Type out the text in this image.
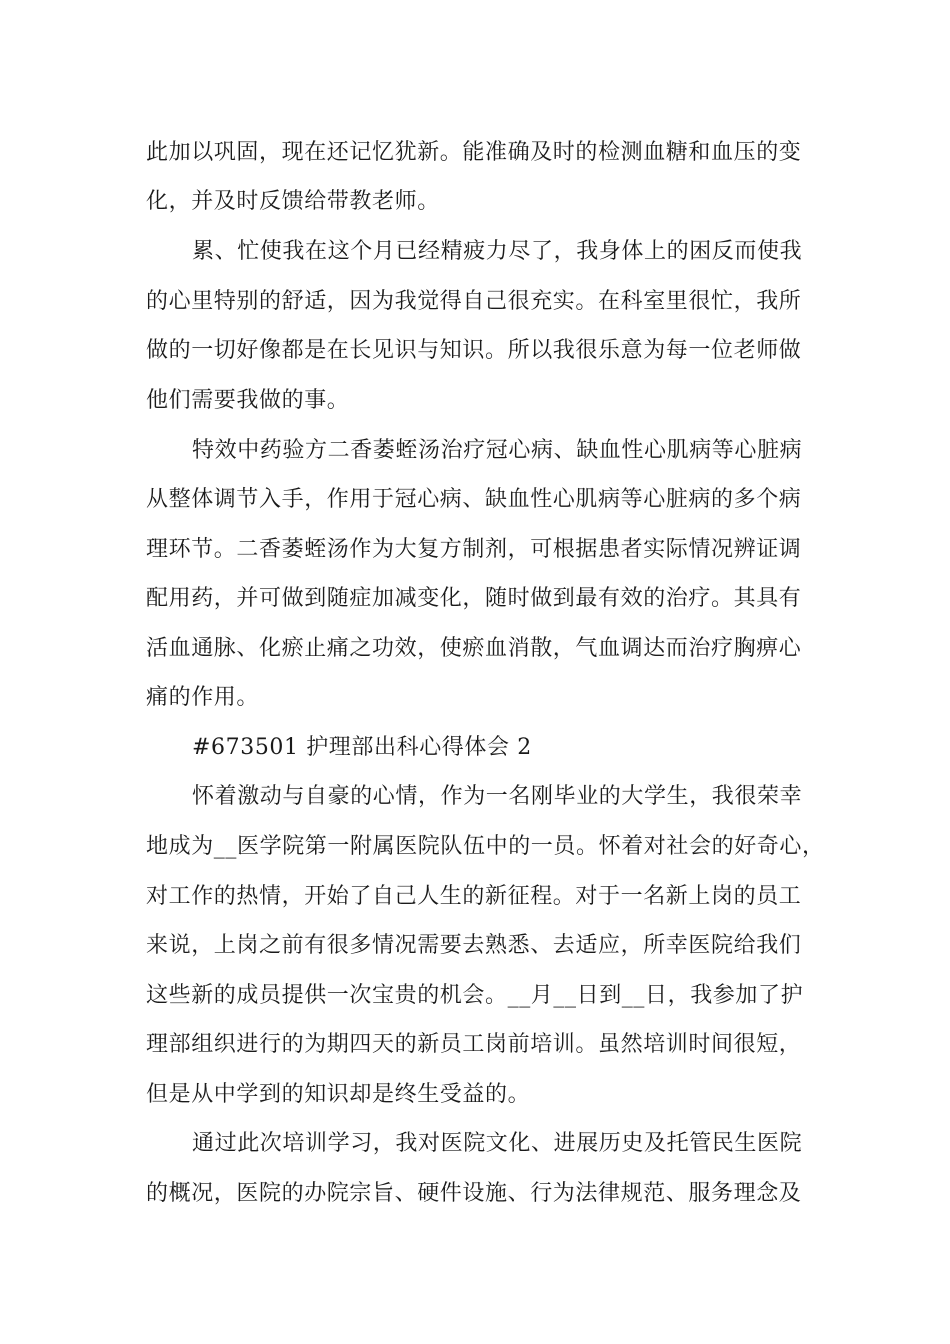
此加以巩固，现在还记忆犹新。能准确及时的检测血糖和血压的变
化，并及时反馈给带教老师。
累、忙使我在这个月已经精疲力尽了，我身体上的困反而使我
的心里特别的舒适，因为我觉得自己很充实。在科室里很忙，我所
做的一切好像都是在长见识与知识。所以我很乐意为每一位老师做
他们需要我做的事。
特效中药验方二香萎蛭汤治疗冠心病、缺血性心肌病等心脏病
从整体调节入手，作用于冠心病、缺血性心肌病等心脏病的多个病
理环节。二香萎蛭汤作为大复方制剂，可根据患者实际情况辨证调
配用药，并可做到随症加减变化，随时做到最有效的治疗。其具有
活血通脉、化瘀止痛之功效，使瘀血消散，气血调达而治疗胸痹心
痛的作用。
#673501 护理部出科心得体会 2
怀着激动与自豪的心情，作为一名刚毕业的大学生，我很荣幸
地成为__医学院第一附属医院队伍中的一员。怀着对社会的好奇心，
对工作的热情，开始了自己人生的新征程。对于一名新上岗的员工
来说，上岗之前有很多情况需要去熟悉、去适应，所幸医院给我们
这些新的成员提供一次宝贵的机会。__月__日到__日，我参加了护
理部组织进行的为期四天的新员工岗前培训。虽然培训时间很短，
但是从中学到的知识却是终生受益的。
通过此次培训学习，我对医院文化、进展历史及托管民生医院
的概况，医院的办院宗旨、硬件设施、行为法律规范、服务理念及
